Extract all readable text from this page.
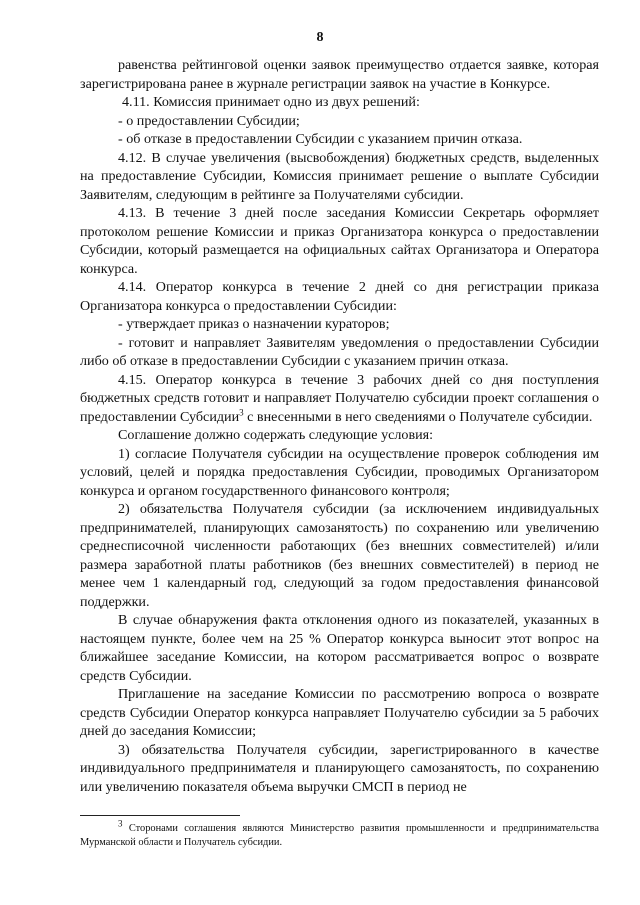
8

равенства рейтинговой оценки заявок преимущество отдается заявке, которая зарегистрирована ранее в журнале регистрации заявок на участие в Конкурсе.

4.11. Комиссия принимает одно из двух решений:

- о предоставлении Субсидии;

- об отказе в предоставлении Субсидии с указанием причин отказа.

4.12. В случае увеличения (высвобождения) бюджетных средств, выделенных на предоставление Субсидии, Комиссия принимает решение о выплате Субсидии Заявителям, следующим в рейтинге за Получателями субсидии.

4.13. В течение 3 дней после заседания Комиссии Секретарь оформляет протоколом решение Комиссии и приказ Организатора конкурса о предоставлении Субсидии, который размещается на официальных сайтах Организатора и Оператора конкурса.

4.14. Оператор конкурса в течение 2 дней со дня регистрации приказа Организатора конкурса о предоставлении Субсидии:

- утверждает приказ о назначении кураторов;

- готовит и направляет Заявителям уведомления о предоставлении Субсидии либо об отказе в предоставлении Субсидии с указанием причин отказа.

4.15. Оператор конкурса в течение 3 рабочих дней со дня поступления бюджетных средств готовит и направляет Получателю субсидии проект соглашения о предоставлении Субсидии$^3$ с внесенными в него сведениями о Получателе субсидии.

Соглашение должно содержать следующие условия:

1) согласие Получателя субсидии на осуществление проверок соблюдения им условий, целей и порядка предоставления Субсидии, проводимых Организатором конкурса и органом государственного финансового контроля;

2) обязательства Получателя субсидии (за исключением индивидуальных предпринимателей, планирующих самозанятость) по сохранению или увеличению среднесписочной численности работающих (без внешних совместителей) и/или размера заработной платы работников (без внешних совместителей) в период не менее чем 1 календарный год, следующий за годом предоставления финансовой поддержки.

В случае обнаружения факта отклонения одного из показателей, указанных в настоящем пункте, более чем на 25 % Оператор конкурса выносит этот вопрос на ближайшее заседание Комиссии, на котором рассматривается вопрос о возврате средств Субсидии.

Приглашение на заседание Комиссии по рассмотрению вопроса о возврате средств Субсидии Оператор конкурса направляет Получателю субсидии за 5 рабочих дней до заседания Комиссии;

3) обязательства Получателя субсидии, зарегистрированного в качестве индивидуального предпринимателя и планирующего самозанятость, по сохранению или увеличению показателя объема выручки СМСП в период не

$^3$ Сторонами соглашения являются Министерство развития промышленности и предпринимательства Мурманской области и Получатель субсидии.
